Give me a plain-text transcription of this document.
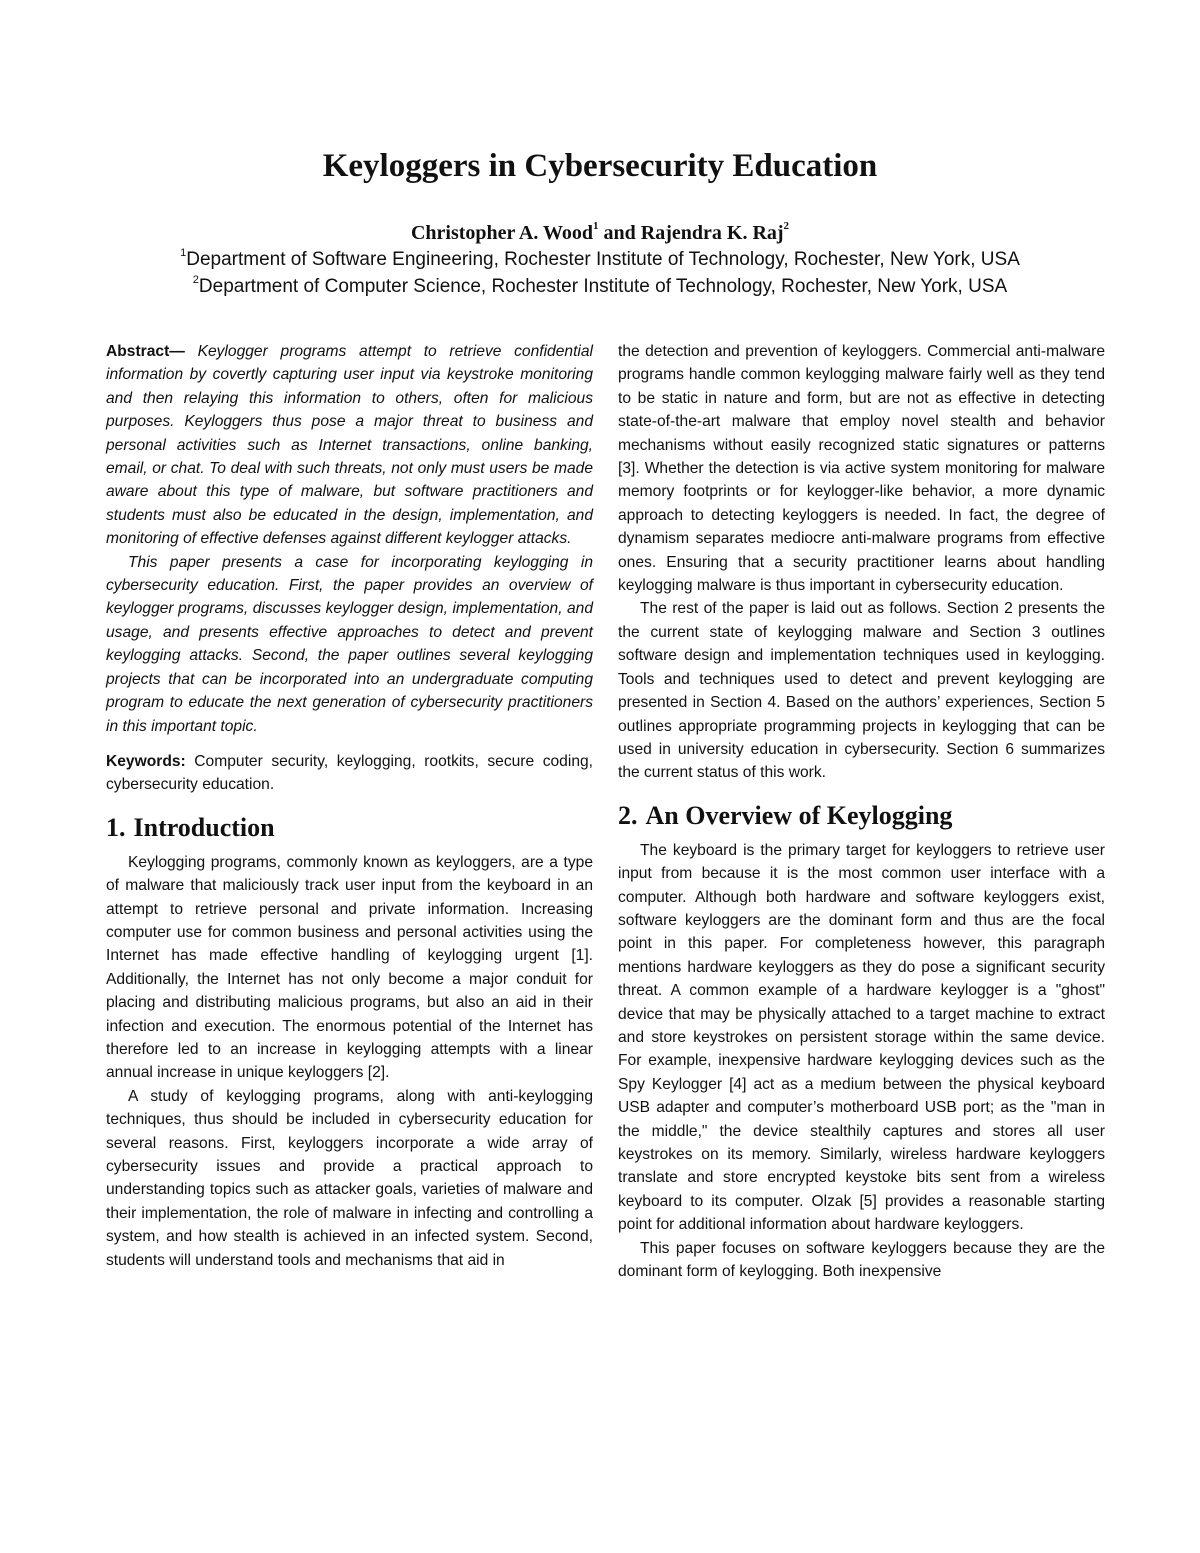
Keyloggers in Cybersecurity Education
Christopher A. Wood$^1$ and Rajendra K. Raj$^2$
$^1$Department of Software Engineering, Rochester Institute of Technology, Rochester, New York, USA
$^2$Department of Computer Science, Rochester Institute of Technology, Rochester, New York, USA

Abstract— Keylogger programs attempt to retrieve confidential information by covertly capturing user input via keystroke monitoring and then relaying this information to others, often for malicious purposes. Keyloggers thus pose a major threat to business and personal activities such as Internet transactions, online banking, email, or chat. To deal with such threats, not only must users be made aware about this type of malware, but software practitioners and students must also be educated in the design, implementation, and monitoring of effective defenses against different keylogger attacks.

This paper presents a case for incorporating keylogging in cybersecurity education. First, the paper provides an overview of keylogger programs, discusses keylogger design, implementation, and usage, and presents effective approaches to detect and prevent keylogging attacks. Second, the paper outlines several keylogging projects that can be incorporated into an undergraduate computing program to educate the next generation of cybersecurity practitioners in this important topic.

Keywords: Computer security, keylogging, rootkits, secure coding, cybersecurity education.

1. Introduction

Keylogging programs, commonly known as keyloggers, are a type of malware that maliciously track user input from the keyboard in an attempt to retrieve personal and private information. Increasing computer use for common business and personal activities using the Internet has made effective handling of keylogging urgent [1]. Additionally, the Internet has not only become a major conduit for placing and distributing malicious programs, but also an aid in their infection and execution. The enormous potential of the Internet has therefore led to an increase in keylogging attempts with a linear annual increase in unique keyloggers [2].

A study of keylogging programs, along with anti-keylogging techniques, thus should be included in cybersecurity education for several reasons. First, keyloggers incorporate a wide array of cybersecurity issues and provide a practical approach to understanding topics such as attacker goals, varieties of malware and their implementation, the role of malware in infecting and controlling a system, and how stealth is achieved in an infected system. Second, students will understand tools and mechanisms that aid in

the detection and prevention of keyloggers. Commercial anti-malware programs handle common keylogging malware fairly well as they tend to be static in nature and form, but are not as effective in detecting state-of-the-art malware that employ novel stealth and behavior mechanisms without easily recognized static signatures or patterns [3]. Whether the detection is via active system monitoring for malware memory footprints or for keylogger-like behavior, a more dynamic approach to detecting keyloggers is needed. In fact, the degree of dynamism separates mediocre anti-malware programs from effective ones. Ensuring that a security practitioner learns about handling keylogging malware is thus important in cybersecurity education.

The rest of the paper is laid out as follows. Section 2 presents the the current state of keylogging malware and Section 3 outlines software design and implementation techniques used in keylogging. Tools and techniques used to detect and prevent keylogging are presented in Section 4. Based on the authors’ experiences, Section 5 outlines appropriate programming projects in keylogging that can be used in university education in cybersecurity. Section 6 summarizes the current status of this work.

2. An Overview of Keylogging

The keyboard is the primary target for keyloggers to retrieve user input from because it is the most common user interface with a computer. Although both hardware and software keyloggers exist, software keyloggers are the dominant form and thus are the focal point in this paper. For completeness however, this paragraph mentions hardware keyloggers as they do pose a significant security threat. A common example of a hardware keylogger is a "ghost" device that may be physically attached to a target machine to extract and store keystrokes on persistent storage within the same device. For example, inexpensive hardware keylogging devices such as the Spy Keylogger [4] act as a medium between the physical keyboard USB adapter and computer’s motherboard USB port; as the "man in the middle," the device stealthily captures and stores all user keystrokes on its memory. Similarly, wireless hardware keyloggers translate and store encrypted keystoke bits sent from a wireless keyboard to its computer. Olzak [5] provides a reasonable starting point for additional information about hardware keyloggers.

This paper focuses on software keyloggers because they are the dominant form of keylogging. Both inexpensive
